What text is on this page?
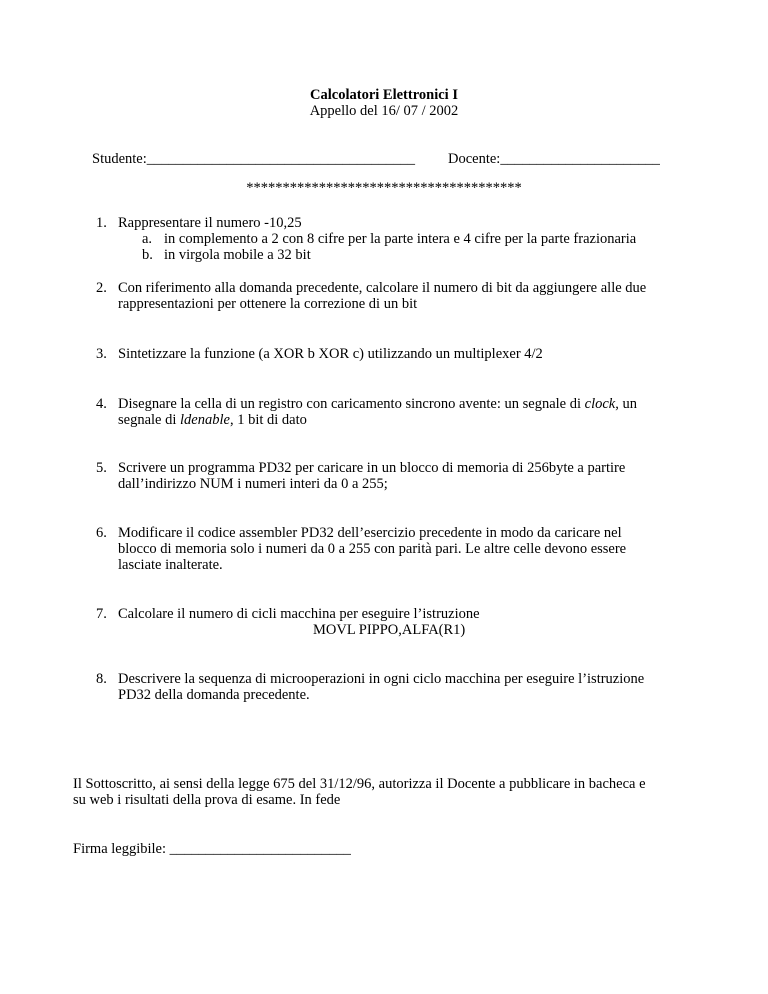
Calcolatori Elettronici I
Appello del 16/ 07 / 2002
Studente:_____________________________________ Docente:______________________
**************************************
1. Rappresentare il numero -10,25
a. in complemento a 2 con 8 cifre per la parte intera e 4 cifre per la parte frazionaria
b. in virgola mobile a 32 bit
2. Con riferimento alla domanda precedente, calcolare il numero di bit da aggiungere alle due
rappresentazioni per ottenere la correzione di un bit
3. Sintetizzare la funzione (a XOR b XOR c) utilizzando un multiplexer 4/2
4. Disegnare la cella di un registro con caricamento sincrono avente: un segnale di clock, un
segnale di ldenable, 1 bit di dato
5. Scrivere un programma PD32 per caricare in un blocco di memoria di 256byte a partire
dall’indirizzo NUM i numeri interi da 0 a 255;
6. Modificare il codice assembler PD32 dell’esercizio precedente in modo da caricare nel
blocco di memoria solo i numeri da 0 a 255 con parità pari. Le altre celle devono essere
lasciate inalterate.
7. Calcolare il numero di cicli macchina per eseguire l’istruzione
MOVL PIPPO,ALFA(R1)
8. Descrivere la sequenza di microoperazioni in ogni ciclo macchina per eseguire l’istruzione
PD32 della domanda precedente.
Il Sottoscritto, ai sensi della legge 675 del 31/12/96, autorizza il Docente a pubblicare in bacheca e
su web i risultati della prova di esame. In fede
Firma leggibile: _________________________
